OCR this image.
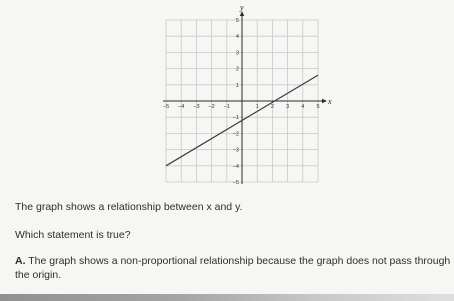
x
y
−5 −4 −3 −2 −1	1 2 3 4 5
5
4
3
2
1
−1
−2
−3
−4
−5
The graph shows a relationship between x and y.
Which statement is true?
A. The graph shows a non-proportional relationship because the graph does not pass through the origin.
